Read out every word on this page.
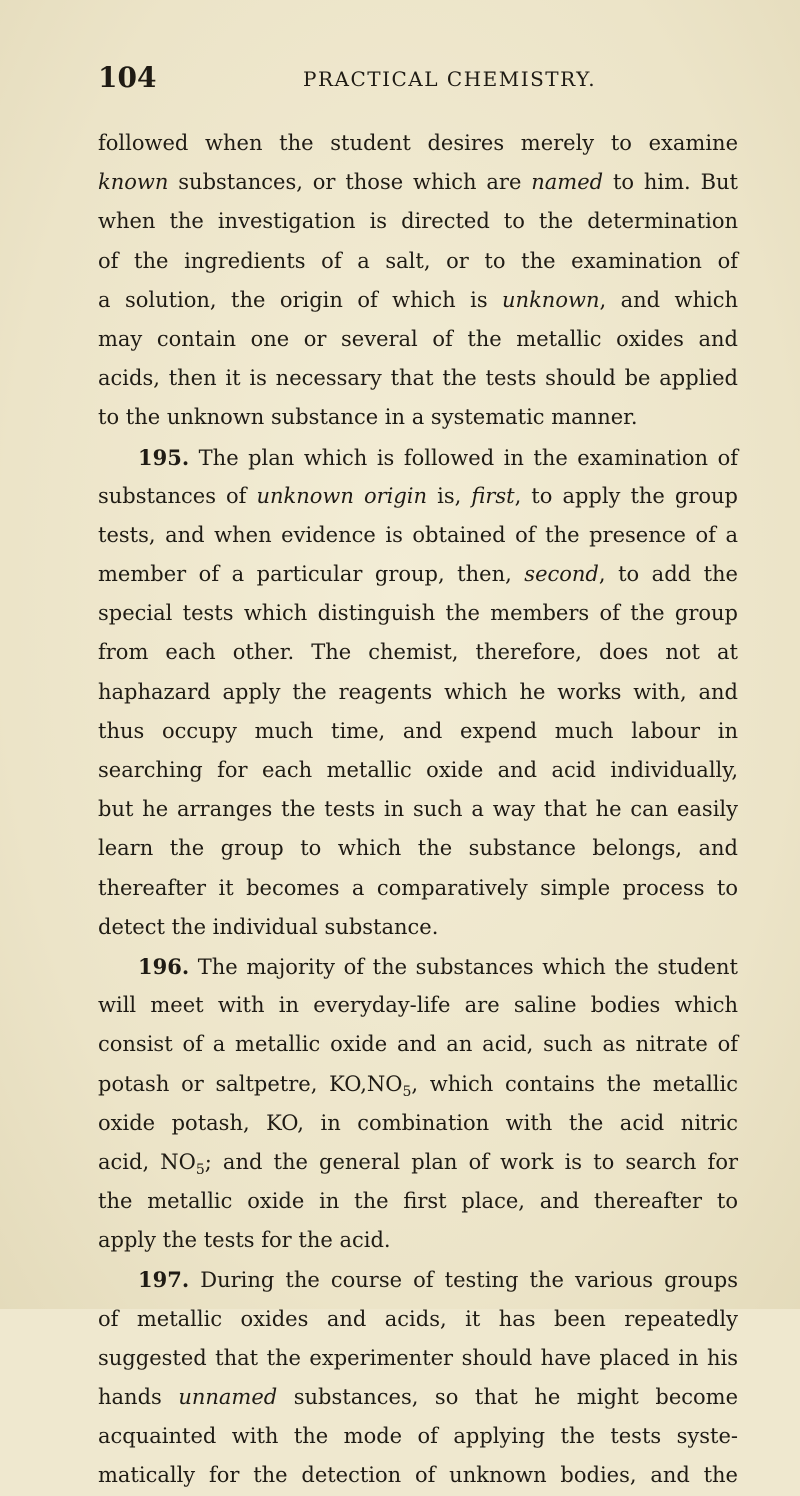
104	PRACTICAL CHEMISTRY.
followed when the student desires merely to examine
known substances, or those which are named to him. But
when the investigation is directed to the determination
of the ingredients of a salt, or to the examination of
a solution, the origin of which is unknown, and which
may contain one or several of the metallic oxides and
acids, then it is necessary that the tests should be applied
to the unknown substance in a systematic manner.
195. The plan which is followed in the examination of
substances of unknown origin is, first, to apply the group
tests, and when evidence is obtained of the presence of a
member of a particular group, then, second, to add the
special tests which distinguish the members of the group
from each other. The chemist, therefore, does not at
haphazard apply the reagents which he works with, and
thus occupy much time, and expend much labour in
searching for each metallic oxide and acid individually,
but he arranges the tests in such a way that he can easily
learn the group to which the substance belongs, and
thereafter it becomes a comparatively simple process to
detect the individual substance.
196. The majority of the substances which the student
will meet with in everyday-life are saline bodies which
consist of a metallic oxide and an acid, such as nitrate of
potash or saltpetre, $KO,NO_5$, which contains the metallic
oxide potash, KO, in combination with the acid nitric
acid, $NO_5$; and the general plan of work is to search for
the metallic oxide in the first place, and thereafter to
apply the tests for the acid.
197. During the course of testing the various groups
of metallic oxides and acids, it has been repeatedly
suggested that the experimenter should have placed in his
hands unnamed substances, so that he might become
acquainted with the mode of applying the tests syste-
matically for the detection of unknown bodies, and the
